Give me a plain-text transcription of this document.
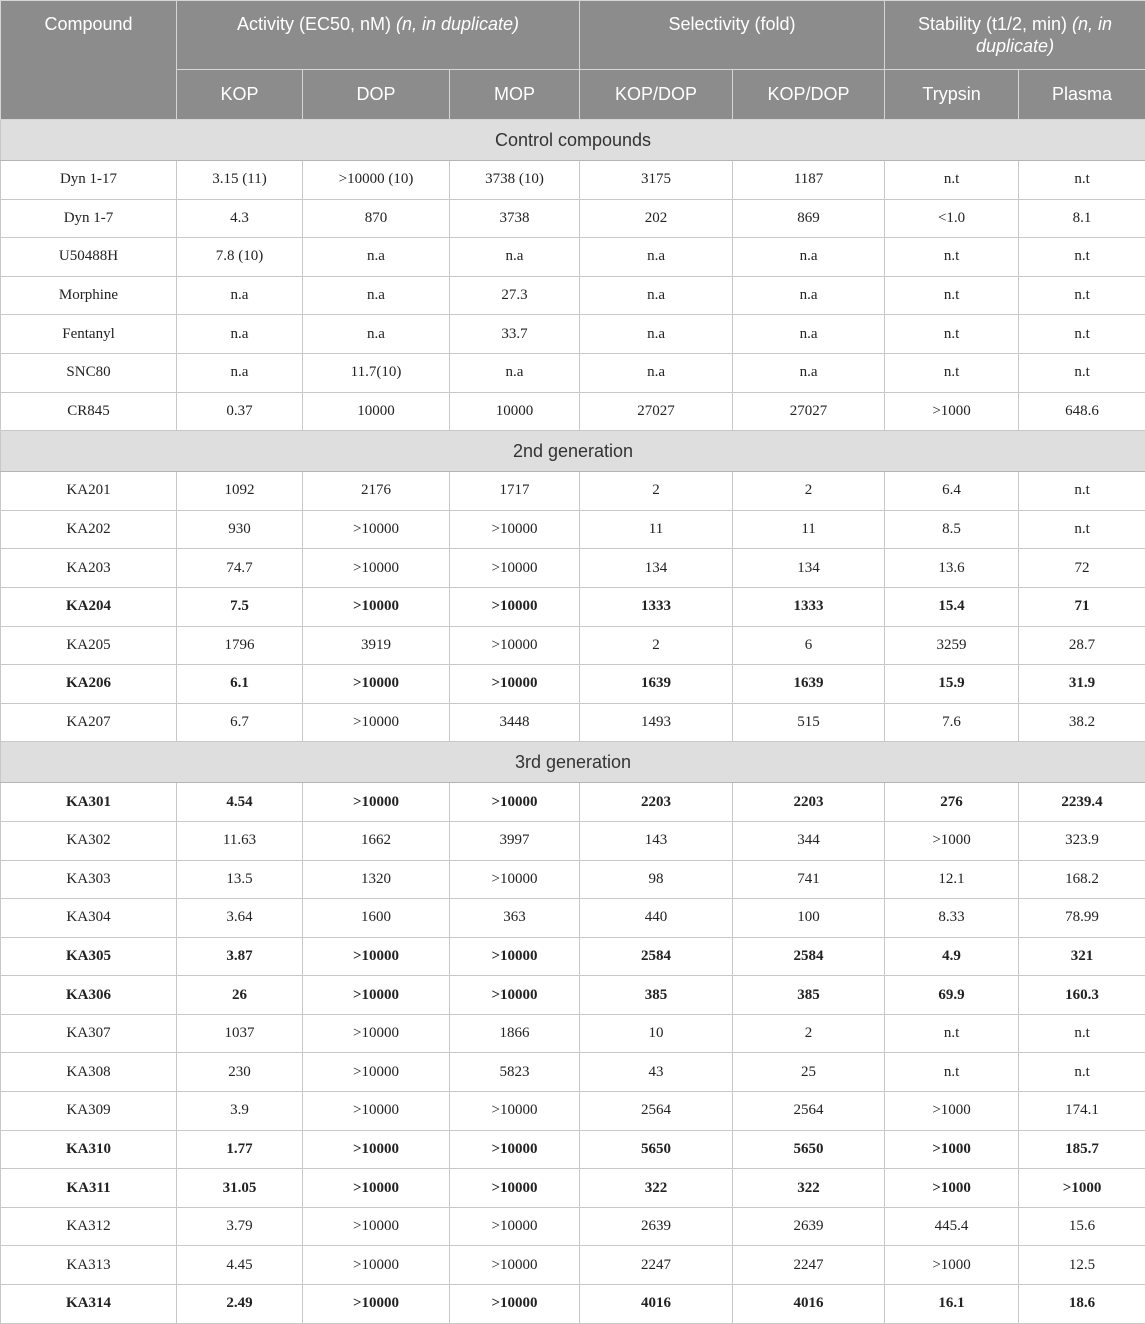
Compound	Activity (EC50, nM) (n, in duplicate)			Selectivity (fold)		Stability (t1/2, min) (n, in duplicate)	
	KOP	DOP	MOP	KOP/DOP	KOP/DOP	Trypsin	Plasma
Control compounds							
Dyn 1-17	3.15 (11)	>10000 (10)	3738 (10)	3175	1187	n.t	n.t
Dyn 1-7	4.3	870	3738	202	869	<1.0	8.1
U50488H	7.8 (10)	n.a	n.a	n.a	n.a	n.t	n.t
Morphine	n.a	n.a	27.3	n.a	n.a	n.t	n.t
Fentanyl	n.a	n.a	33.7	n.a	n.a	n.t	n.t
SNC80	n.a	11.7(10)	n.a	n.a	n.a	n.t	n.t
CR845	0.37	10000	10000	27027	27027	>1000	648.6
2nd generation							
KA201	1092	2176	1717	2	2	6.4	n.t
KA202	930	>10000	>10000	11	11	8.5	n.t
KA203	74.7	>10000	>10000	134	134	13.6	72
KA204	7.5	>10000	>10000	1333	1333	15.4	71
KA205	1796	3919	>10000	2	6	3259	28.7
KA206	6.1	>10000	>10000	1639	1639	15.9	31.9
KA207	6.7	>10000	3448	1493	515	7.6	38.2
3rd generation							
KA301	4.54	>10000	>10000	2203	2203	276	2239.4
KA302	11.63	1662	3997	143	344	>1000	323.9
KA303	13.5	1320	>10000	98	741	12.1	168.2
KA304	3.64	1600	363	440	100	8.33	78.99
KA305	3.87	>10000	>10000	2584	2584	4.9	321
KA306	26	>10000	>10000	385	385	69.9	160.3
KA307	1037	>10000	1866	10	2	n.t	n.t
KA308	230	>10000	5823	43	25	n.t	n.t
KA309	3.9	>10000	>10000	2564	2564	>1000	174.1
KA310	1.77	>10000	>10000	5650	5650	>1000	185.7
KA311	31.05	>10000	>10000	322	322	>1000	>1000
KA312	3.79	>10000	>10000	2639	2639	445.4	15.6
KA313	4.45	>10000	>10000	2247	2247	>1000	12.5
KA314	2.49	>10000	>10000	4016	4016	16.1	18.6
